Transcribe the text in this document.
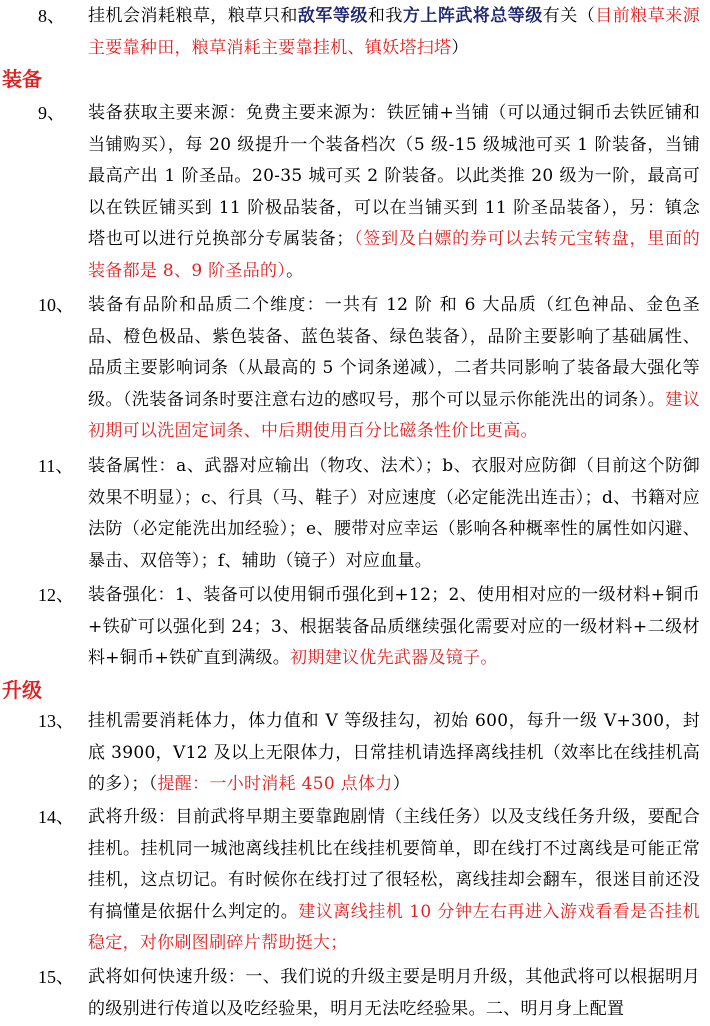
8、	挂机会消耗粮草，粮草只和敌军等级和我方上阵武将总等级有关（目前粮草来源主要靠种田，粮草消耗主要靠挂机、镇妖塔扫塔）
装备
9、	装备获取主要来源：免费主要来源为：铁匠铺+当铺（可以通过铜币去铁匠铺和当铺购买），每 20 级提升一个装备档次（5 级-15 级城池可买 1 阶装备，当铺最高产出 1 阶圣品。20-35 城可买 2 阶装备。以此类推 20 级为一阶，最高可以在铁匠铺买到 11 阶极品装备，可以在当铺买到 11 阶圣品装备），另：镇念塔也可以进行兑换部分专属装备；（签到及白嫖的券可以去转元宝转盘，里面的装备都是 8、9 阶圣品的）。
10、 装备有品阶和品质二个维度：一共有 12 阶 和 6 大品质（红色神品、金色圣品、橙色极品、紫色装备、蓝色装备、绿色装备），品阶主要影响了基础属性、品质主要影响词条（从最高的 5 个词条递减），二者共同影响了装备最大强化等级。（洗装备词条时要注意右边的感叹号，那个可以显示你能洗出的词条）。建议初期可以洗固定词条、中后期使用百分比磁条性价比更高。
11、 装备属性：a、武器对应输出（物攻、法术）；b、衣服对应防御（目前这个防御效果不明显）；c、行具（马、鞋子）对应速度（必定能洗出连击）；d、书籍对应法防（必定能洗出加经验）；e、腰带对应幸运（影响各种概率性的属性如闪避、暴击、双倍等）；f、辅助（镜子）对应血量。
12、 装备强化：1、装备可以使用铜币强化到+12；2、使用相对应的一级材料+铜币+铁矿可以强化到 24；3、根据装备品质继续强化需要对应的一级材料+二级材料+铜币+铁矿直到满级。初期建议优先武器及镜子。
升级
13、 挂机需要消耗体力，体力值和 V 等级挂勾，初始 600，每升一级 V+300，封底 3900，V12 及以上无限体力，日常挂机请选择离线挂机（效率比在线挂机高的多）；（提醒：一小时消耗 450 点体力）
14、 武将升级：目前武将早期主要靠跑剧情（主线任务）以及支线任务升级，要配合挂机。挂机同一城池离线挂机比在线挂机要简单，即在线打不过离线是可能正常挂机，这点切记。有时候你在线打过了很轻松，离线挂却会翻车，很迷目前还没有搞懂是依据什么判定的。建议离线挂机 10 分钟左右再进入游戏看看是否挂机稳定，对你刷图刷碎片帮助挺大；
15、 武将如何快速升级：一、我们说的升级主要是明月升级，其他武将可以根据明月的级别进行传道以及吃经验果，明月无法吃经验果。二、明月身上配置
